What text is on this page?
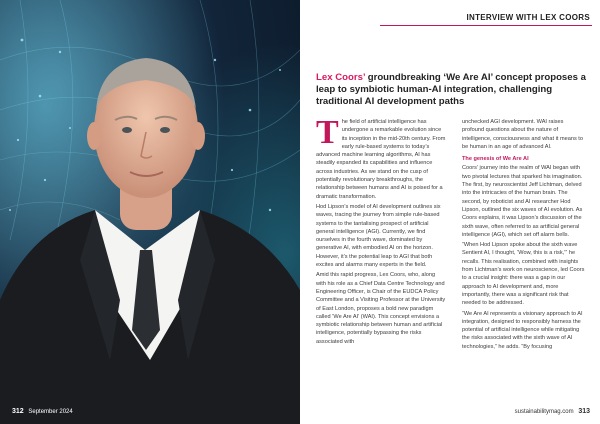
312 September 2024
INTERVIEW WITH LEX COORS
Lex Coors’ groundbreaking ‘We Are AI’ concept proposes a leap to symbiotic human-AI integration, challenging traditional AI development paths

The field of artificial intelligence has undergone a remarkable evolution since its inception in the mid-20th century. From early rule-based systems to today’s advanced machine learning algorithms, AI has steadily expanded its capabilities and influence across industries. As we stand on the cusp of potentially revolutionary breakthroughs, the relationship between humans and AI is poised for a dramatic transformation.

Hod Lipson’s model of AI development outlines six waves, tracing the journey from simple rule-based systems to the tantalising prospect of artificial general intelligence (AGI). Currently, we find ourselves in the fourth wave, dominated by generative AI, with embodied AI on the horizon. However, it’s the potential leap to AGI that both excites and alarms many experts in the field.

Amid this rapid progress, Lex Coors, who, along with his role as a Chief Data Centre Technology and Engineering Officer, is Chair of the EUDCA Policy Committee and a Visiting Professor at the University of East London, proposes a bold new paradigm called ‘We Are AI’ (WAI). This concept envisions a symbiotic relationship between human and artificial intelligence, potentially bypassing the risks associated with

unchecked AGI development. WAI raises profound questions about the nature of intelligence, consciousness and what it means to be human in an age of advanced AI.

The genesis of We Are AI

Coors’ journey into the realm of WAI began with two pivotal lectures that sparked his imagination. The first, by neuroscientist Jeff Lichtman, delved into the intricacies of the human brain. The second, by roboticist and AI researcher Hod Lipson, outlined the six waves of AI evolution. As Coors explains, it was Lipson’s discussion of the sixth wave, often referred to as artificial general intelligence (AGI), which set off alarm bells.

“When Hod Lipson spoke about the sixth wave Sentient AI, I thought, ‘Wow, this is a risk,’” he recalls. This realisation, combined with insights from Lichtman’s work on neuroscience, led Coors to a crucial insight: there was a gap in our approach to AI development and, more importantly, there was a significant risk that needed to be addressed.

“We Are AI represents a visionary approach to AI integration, designed to responsibly harness the potential of artificial intelligence while mitigating the risks associated with the sixth wave of AI technologies,” he adds. “By focusing

sustainabilitymag.com 313
